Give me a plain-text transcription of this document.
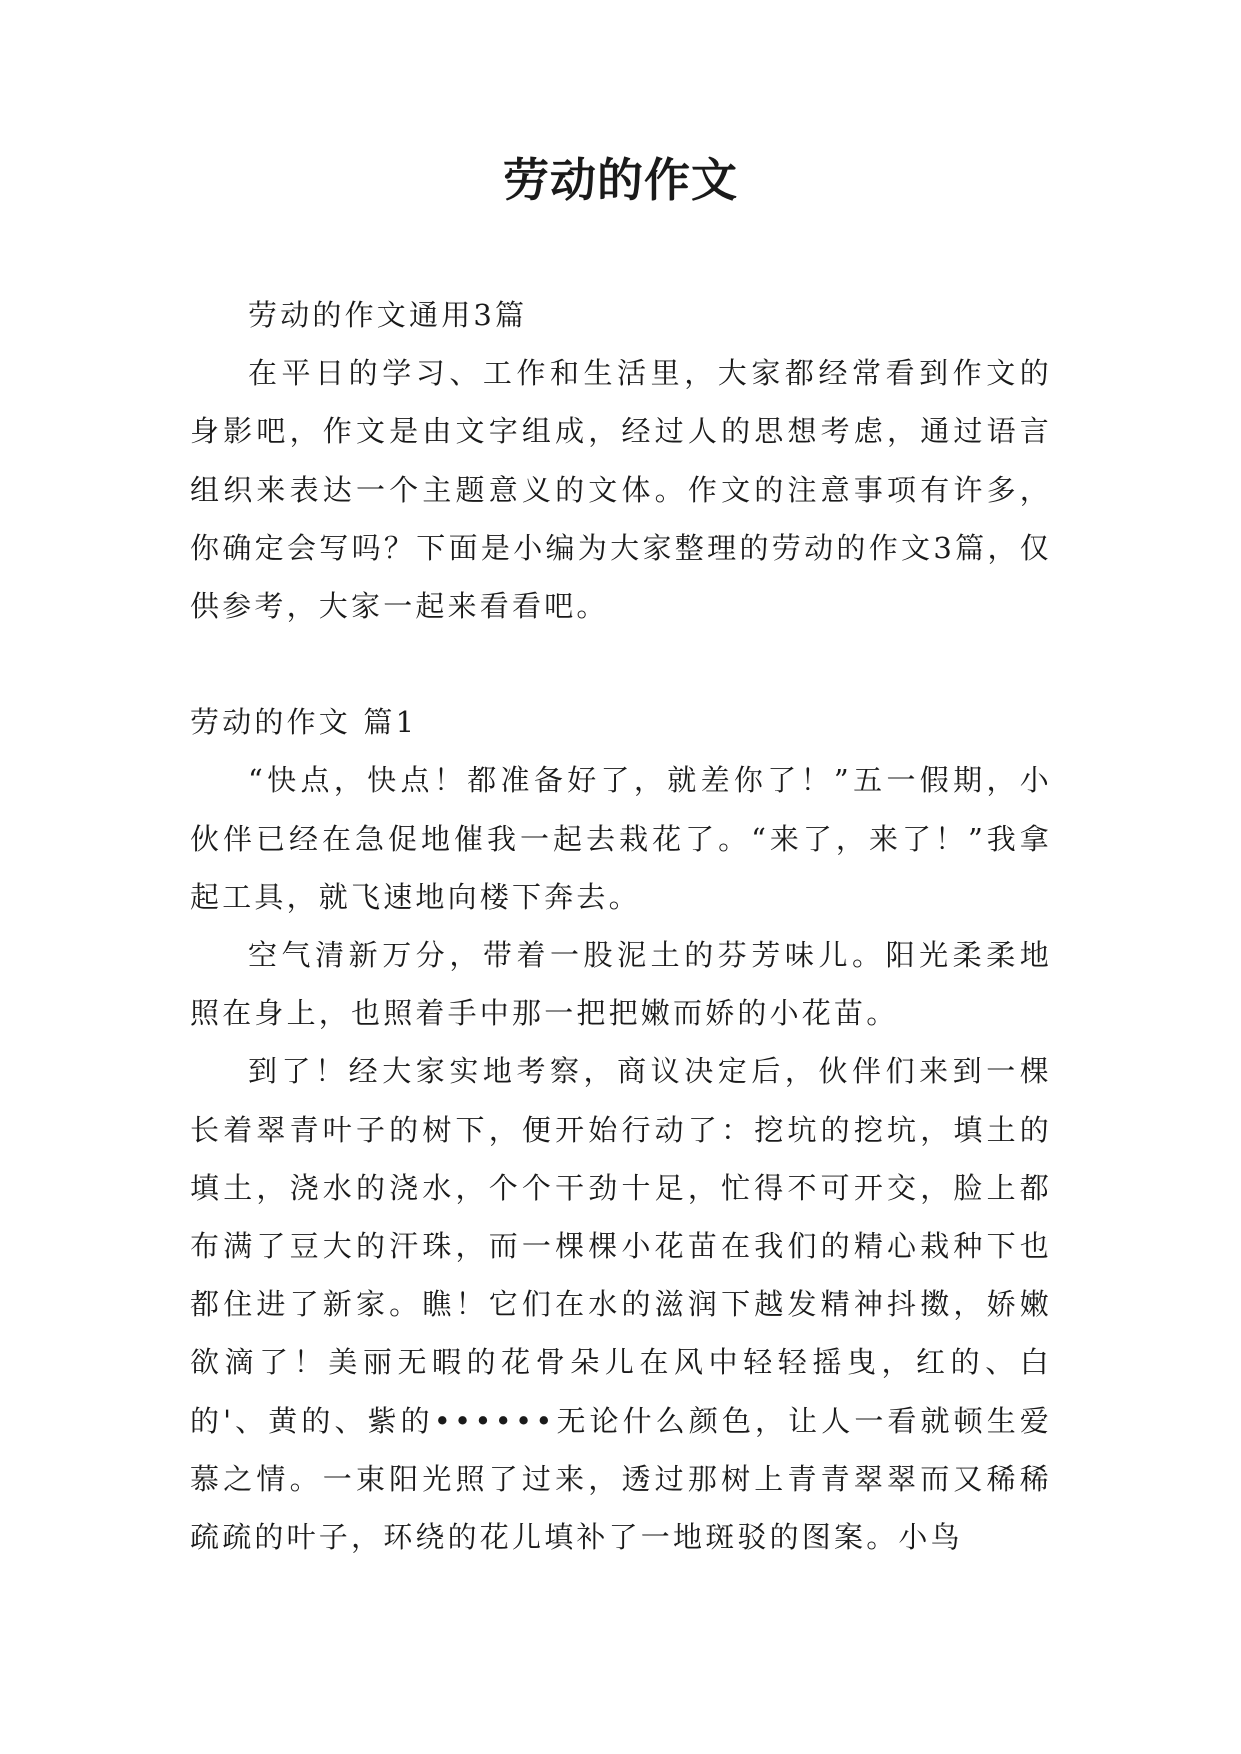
劳动的作文

劳动的作文通用3篇

在平日的学习、工作和生活里，大家都经常看到作文的身影吧，作文是由文字组成，经过人的思想考虑，通过语言组织来表达一个主题意义的文体。作文的注意事项有许多，你确定会写吗？下面是小编为大家整理的劳动的作文3篇，仅供参考，大家一起来看看吧。

劳动的作文 篇1

“快点，快点！都准备好了，就差你了！”五一假期，小伙伴已经在急促地催我一起去栽花了。“来了，来了！”我拿起工具，就飞速地向楼下奔去。

空气清新万分，带着一股泥土的芬芳味儿。阳光柔柔地照在身上，也照着手中那一把把嫩而娇的小花苗。

到了！经大家实地考察，商议决定后，伙伴们来到一棵长着翠青叶子的树下，便开始行动了：挖坑的挖坑，填土的填土，浇水的浇水，个个干劲十足，忙得不可开交，脸上都布满了豆大的汗珠，而一棵棵小花苗在我们的精心栽种下也都住进了新家。瞧！它们在水的滋润下越发精神抖擞，娇嫩欲滴了！美丽无暇的花骨朵儿在风中轻轻摇曳，红的、白的'、黄的、紫的••••••无论什么颜色，让人一看就顿生爱慕之情。一束阳光照了过来，透过那树上青青翠翠而又稀稀疏疏的叶子，环绕的花儿填补了一地斑驳的图案。小鸟
